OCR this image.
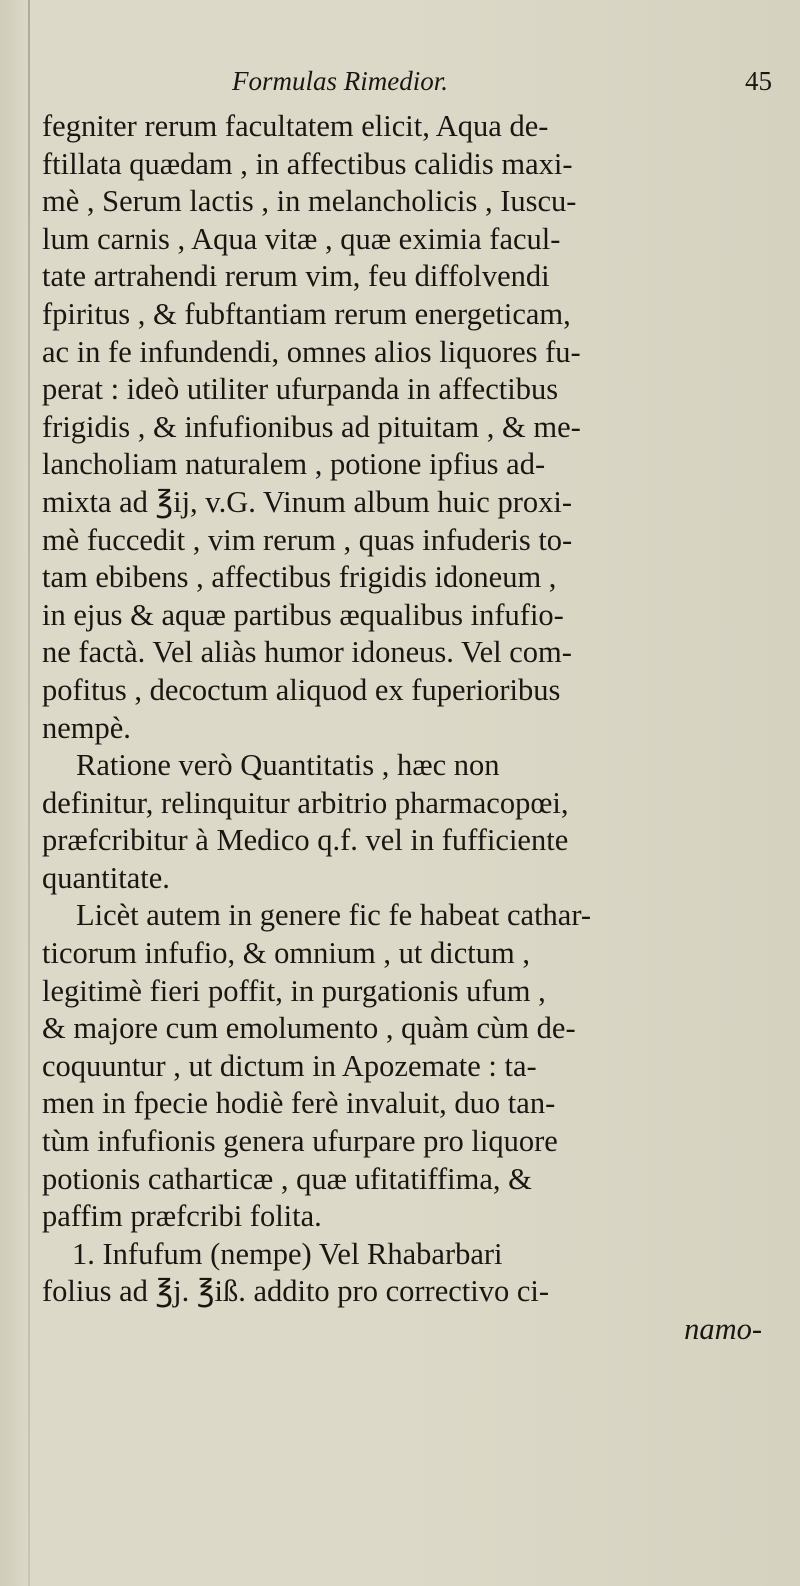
Formulas Rimedior.	45
fegniter rerum facultatem elicit, Aqua de-
ftillata quædam , in affectibus calidis maxi-
mè , Serum lactis , in melancholicis , Iuscu-
lum carnis , Aqua vitæ , quæ eximia facul-
tate artrahendi rerum vim, feu diffolvendi
fpiritus , & fubftantiam rerum energeticam,
ac in fe infundendi, omnes alios liquores fu-
perat : ideò utiliter ufurpanda in affectibus
frigidis , & infufionibus ad pituitam , & me-
lancholiam naturalem , potione ipfius ad-
mixta ad ℥ij, v.G. Vinum album huic proxi-
mè fuccedit , vim rerum , quas infuderis to-
tam ebibens , affectibus frigidis idoneum ,
in ejus & aquæ partibus æqualibus infufio-
ne factà. Vel aliàs humor idoneus. Vel com-
pofitus , decoctum aliquod ex fuperioribus
nempè.
Ratione verò Quantitatis , hæc non
definitur, relinquitur arbitrio pharmacopœi,
præfcribitur à Medico q.f. vel in fufficiente
quantitate.
Licèt autem in genere fic fe habeat cathar-
ticorum infufio, & omnium , ut dictum ,
legitimè fieri poffit, in purgationis ufum ,
& majore cum emolumento , quàm cùm de-
coquuntur , ut dictum in Apozemate : ta-
men in fpecie hodiè ferè invaluit, duo tan-
tùm infufionis genera ufurpare pro liquore
potionis catharticæ , quæ ufitatiffima, &
paffim præfcribi folita.
1. Infufum (nempe) Vel Rhabarbari
folius ad ℥j. ℥iß. addito pro correctivo ci-
namo-
